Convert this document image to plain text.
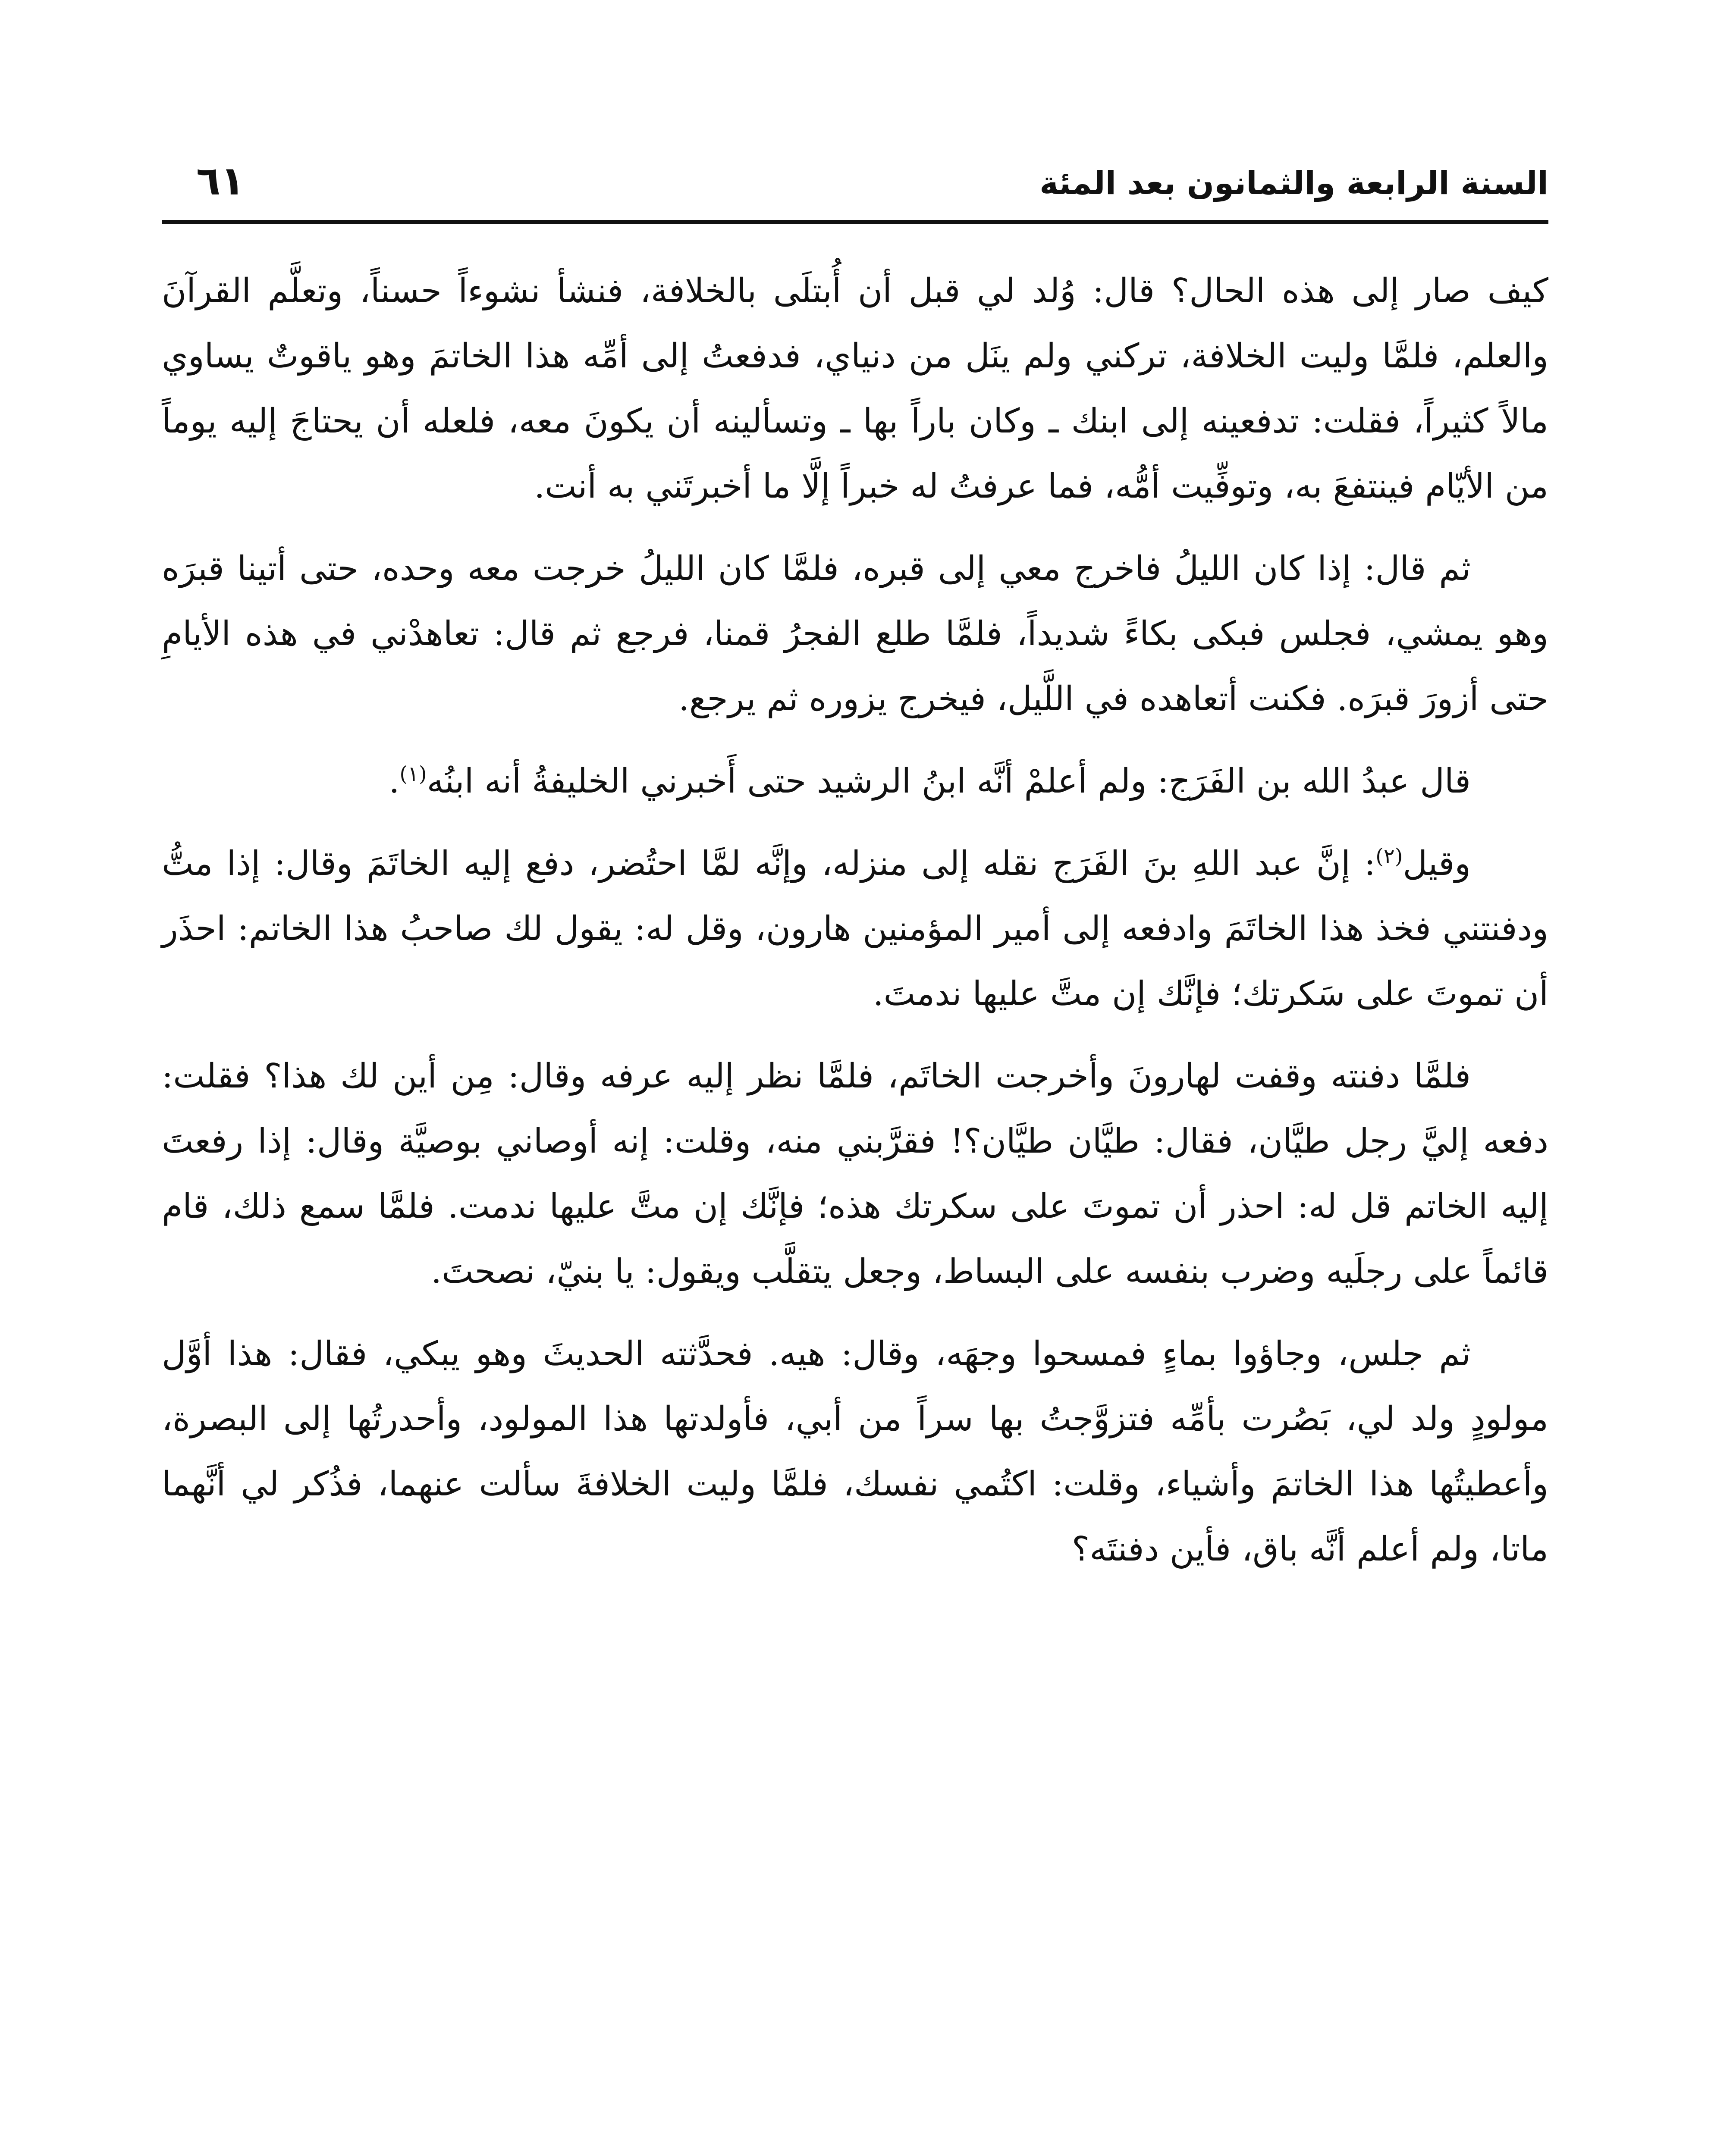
السنة الرابعة والثمانون بعد المئة
٦١

كيف صار إلى هذه الحال؟ قال: وُلد لي قبل أن أُبتلَى بالخلافة، فنشأ نشوءاً حسناً، وتعلَّم القرآنَ والعلم، فلمَّا وليت الخلافة، تركني ولم ينَل من دنياي، فدفعتُ إلى أمِّه هذا الخاتمَ وهو ياقوتٌ يساوي مالاً كثيراً، فقلت: تدفعينه إلى ابنك ـ وكان باراً بها ـ وتسألينه أن يكونَ معه، فلعله أن يحتاجَ إليه يوماً من الأيّام فينتفعَ به، وتوفِّيت أمُّه، فما عرفتُ له خبراً إلَّا ما أخبرتَني به أنت.

ثم قال: إذا كان الليلُ فاخرج معي إلى قبره، فلمَّا كان الليلُ خرجت معه وحده، حتى أتينا قبرَه وهو يمشي، فجلس فبكى بكاءً شديداً، فلمَّا طلع الفجرُ قمنا، فرجع ثم قال: تعاهدْني في هذه الأيامِ حتى أزورَ قبرَه. فكنت أتعاهده في اللَّيل، فيخرج يزوره ثم يرجع.

قال عبدُ الله بن الفَرَج: ولم أعلمْ أنَّه ابنُ الرشيد حتى أَخبرني الخليفةُ أنه ابنُه$^{(١)}$.

وقيل$^{(٢)}$: إنَّ عبد اللهِ بنَ الفَرَج نقله إلى منزله، وإنَّه لمَّا احتُضر، دفع إليه الخاتَمَ وقال: إذا متُّ ودفنتني فخذ هذا الخاتَمَ وادفعه إلى أمير المؤمنين هارون، وقل له: يقول لك صاحبُ هذا الخاتم: احذَر أن تموتَ على سَكرتك؛ فإنَّك إن متَّ عليها ندمتَ.

فلمَّا دفنته وقفت لهارونَ وأخرجت الخاتَم، فلمَّا نظر إليه عرفه وقال: مِن أين لك هذا؟ فقلت: دفعه إليَّ رجل طيَّان، فقال: طيَّان طيَّان؟! فقرَّبني منه، وقلت: إنه أوصاني بوصيَّة وقال: إذا رفعتَ إليه الخاتم قل له: احذر أن تموتَ على سكرتك هذه؛ فإنَّك إن متَّ عليها ندمت. فلمَّا سمع ذلك، قام قائماً على رجلَيه وضرب بنفسه على البساط، وجعل يتقلَّب ويقول: يا بنيّ، نصحتَ.

ثم جلس، وجاؤوا بماءٍ فمسحوا وجهَه، وقال: هيه. فحدَّثته الحديثَ وهو يبكي، فقال: هذا أوَّل مولودٍ ولد لي، بَصُرت بأمِّه فتزوَّجتُ بها سراً من أبي، فأولدتها هذا المولود، وأحدرتُها إلى البصرة، وأعطيتُها هذا الخاتمَ وأشياء، وقلت: اكتُمي نفسك، فلمَّا وليت الخلافةَ سألت عنهما، فذُكر لي أنَّهما ماتا، ولم أعلم أنَّه باق، فأين دفنتَه؟
